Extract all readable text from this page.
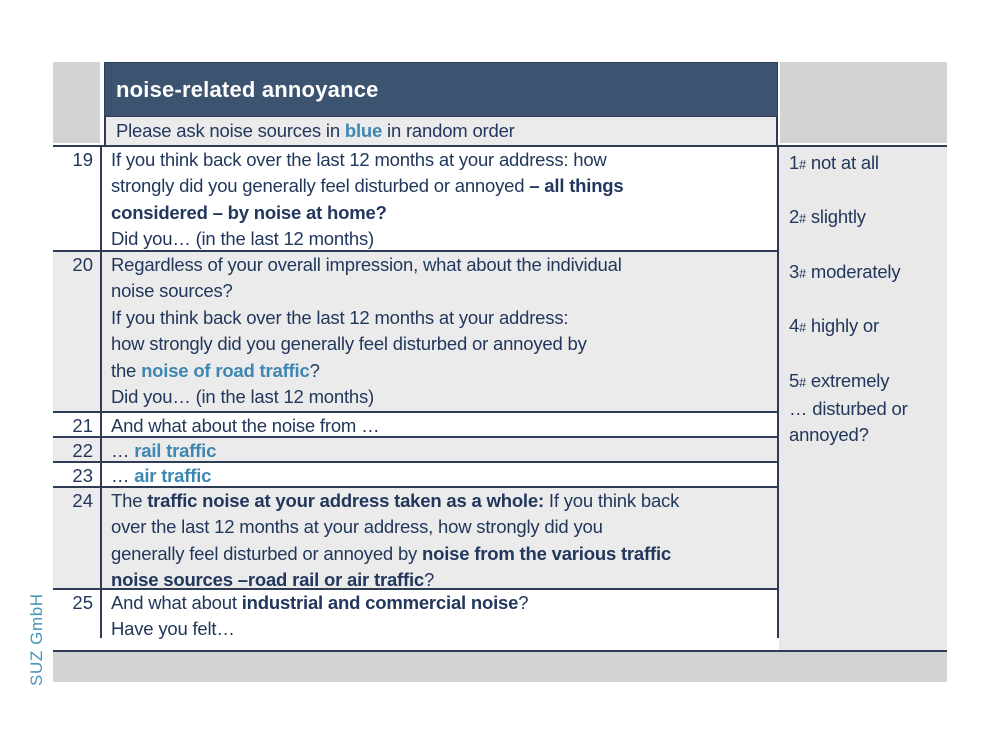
noise-related annoyance
Please ask noise sources in blue in random order
19 If you think back over the last 12 months at your address: how
strongly did you generally feel disturbed or annoyed – all things
considered – by noise at home?
Did you… (in the last 12 months)
20 Regardless of your overall impression, what about the individual
noise sources?
If you think back over the last 12 months at your address:
how strongly did you generally feel disturbed or annoyed by
the noise of road traffic?
Did you… (in the last 12 months)
21 And what about the noise from …
22 … rail traffic
23 … air traffic
24 The traffic noise at your address taken as a whole: If you think back
over the last 12 months at your address, how strongly did you
generally feel disturbed or annoyed by noise from the various traffic
noise sources –road rail or air traffic?
25 And what about industrial and commercial noise?
Have you felt…
1# not at all
2# slightly
3# moderately
4# highly or
5# extremely
… disturbed or
annoyed?
SUZ GmbH
